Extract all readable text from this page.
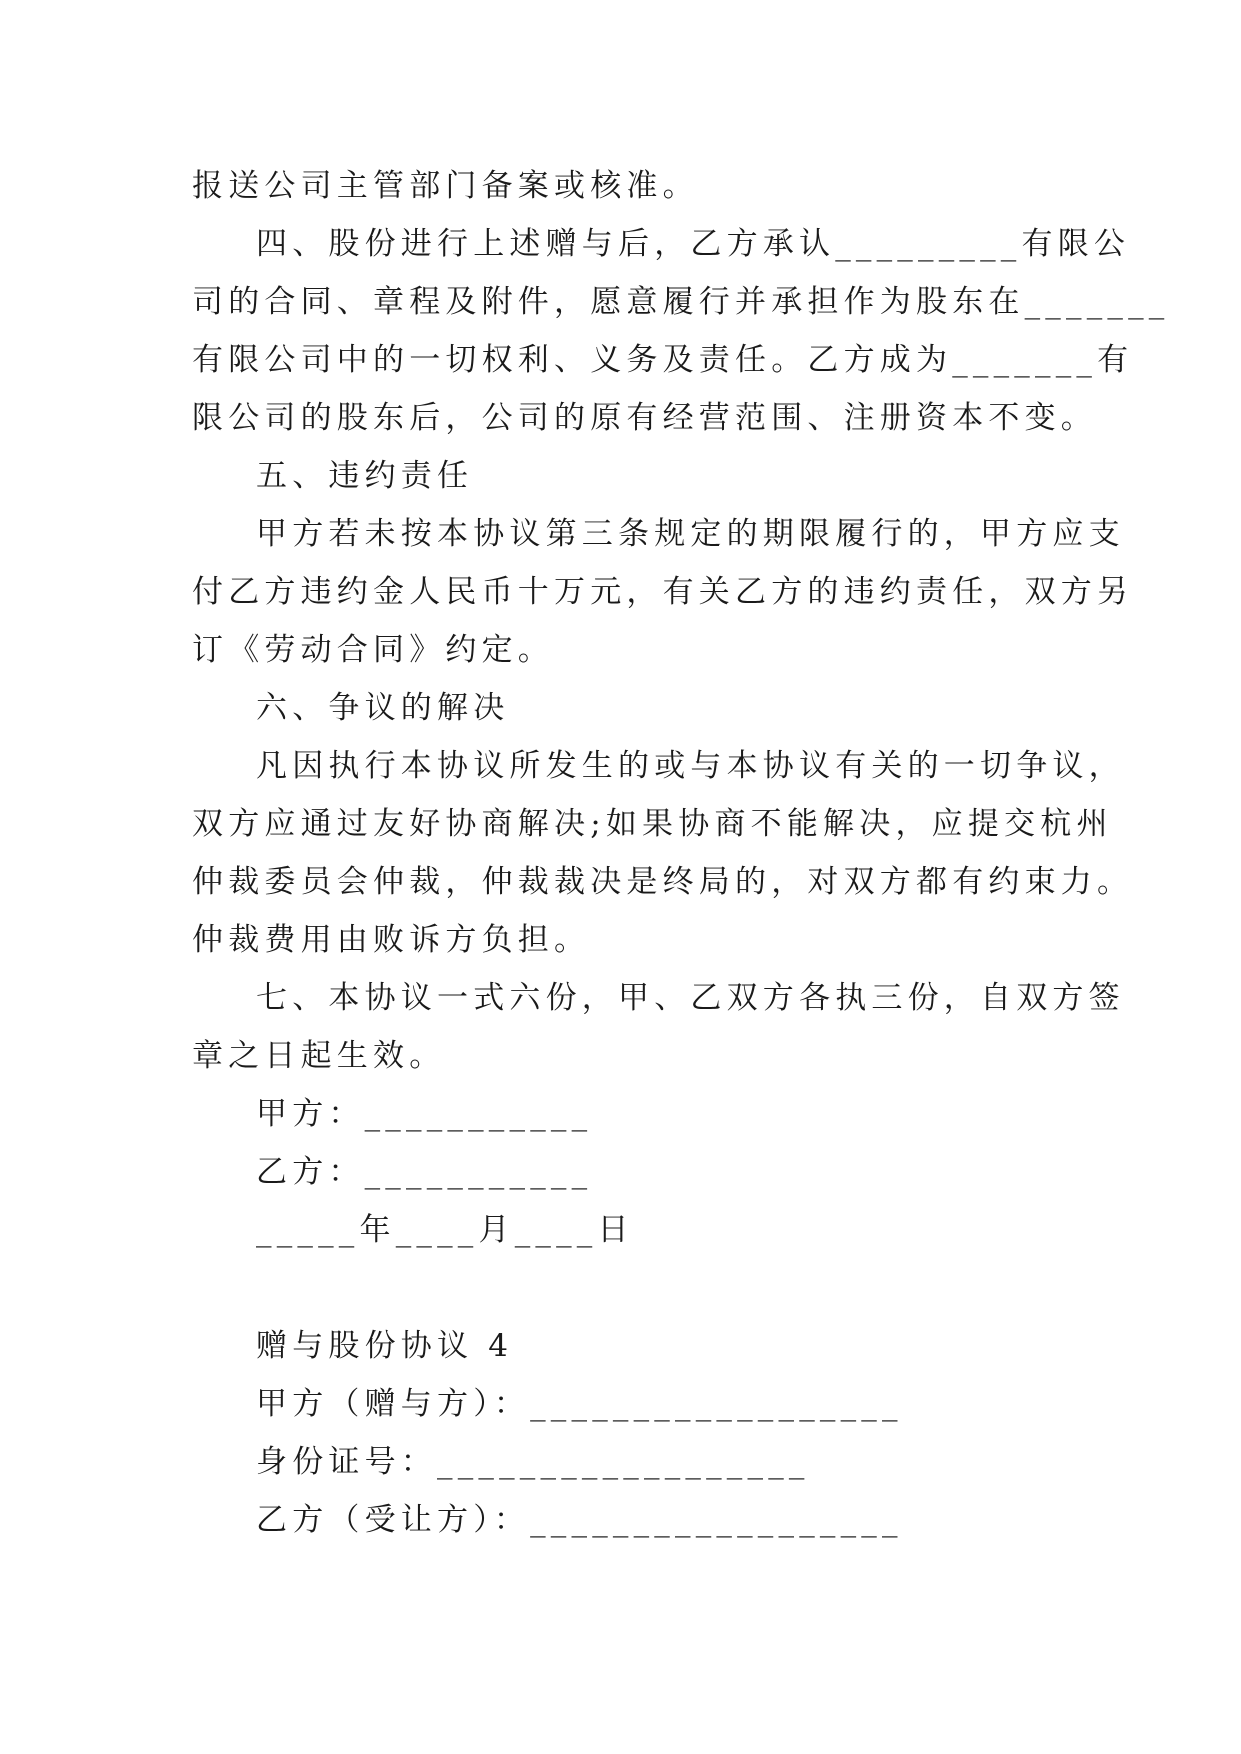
报送公司主管部门备案或核准。
四、股份进行上述赠与后，乙方承认_________有限公
司的合同、章程及附件，愿意履行并承担作为股东在_______
有限公司中的一切权利、义务及责任。乙方成为_______有
限公司的股东后，公司的原有经营范围、注册资本不变。
五、违约责任
甲方若未按本协议第三条规定的期限履行的，甲方应支
付乙方违约金人民币十万元，有关乙方的违约责任，双方另
订《劳动合同》约定。
六、争议的解决
凡因执行本协议所发生的或与本协议有关的一切争议，
双方应通过友好协商解决;如果协商不能解决，应提交杭州
仲裁委员会仲裁，仲裁裁决是终局的，对双方都有约束力。
仲裁费用由败诉方负担。
七、本协议一式六份，甲、乙双方各执三份，自双方签
章之日起生效。
甲方：___________
乙方：___________
_____年____月____日
赠与股份协议 4
甲方（赠与方）：__________________
身份证号：__________________
乙方（受让方）：__________________
